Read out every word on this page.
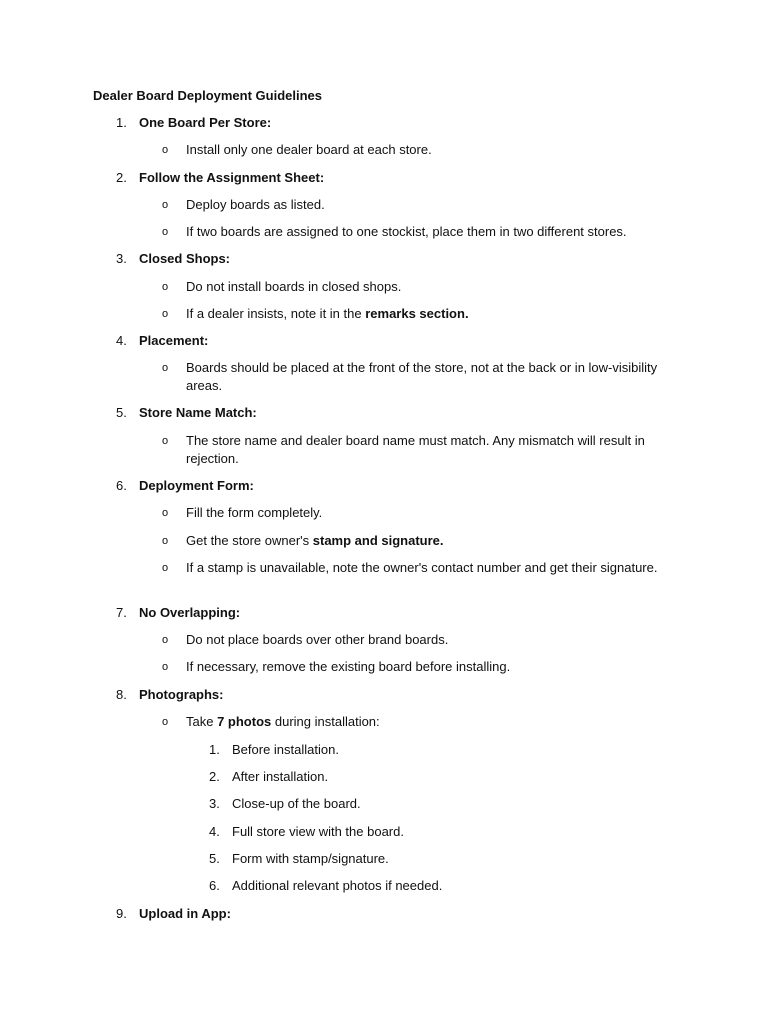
Dealer Board Deployment Guidelines
1. One Board Per Store:
o Install only one dealer board at each store.
2. Follow the Assignment Sheet:
o Deploy boards as listed.
o If two boards are assigned to one stockist, place them in two different stores.
3. Closed Shops:
o Do not install boards in closed shops.
o If a dealer insists, note it in the remarks section.
4. Placement:
o Boards should be placed at the front of the store, not at the back or in low-visibility areas.
5. Store Name Match:
o The store name and dealer board name must match. Any mismatch will result in rejection.
6. Deployment Form:
o Fill the form completely.
o Get the store owner's stamp and signature.
o If a stamp is unavailable, note the owner's contact number and get their signature.
7. No Overlapping:
o Do not place boards over other brand boards.
o If necessary, remove the existing board before installing.
8. Photographs:
o Take 7 photos during installation:
1. Before installation.
2. After installation.
3. Close-up of the board.
4. Full store view with the board.
5. Form with stamp/signature.
6. Additional relevant photos if needed.
9. Upload in App:
